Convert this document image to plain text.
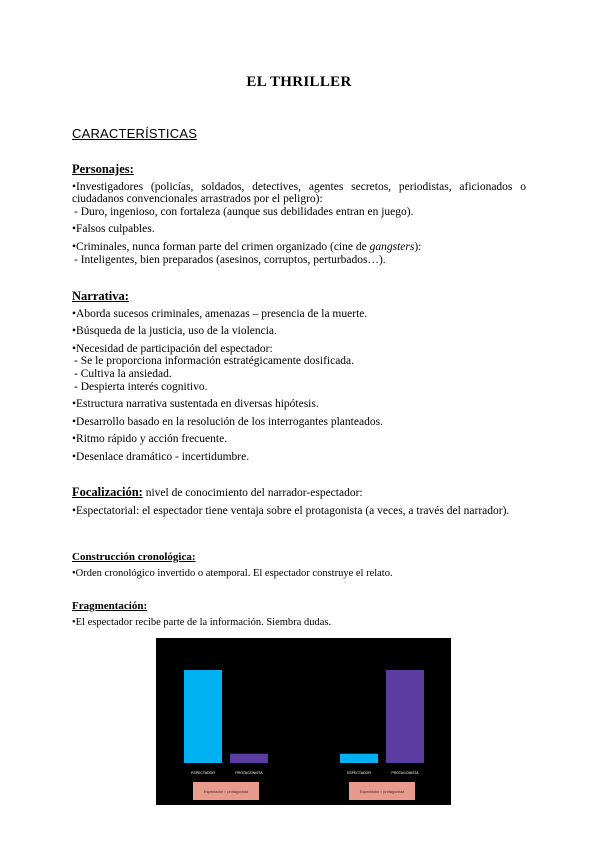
EL THRILLER
CARACTERÍSTICAS
Personajes:

•Investigadores (policías, soldados, detectives, agentes secretos, periodistas, aficionados o ciudadanos convencionales arrastrados por el peligro):

- Duro, ingenioso, con fortaleza (aunque sus debilidades entran en juego).

•Falsos culpables.

•Criminales, nunca forman parte del crimen organizado (cine de gangsters):

- Inteligentes, bien preparados (asesinos, corruptos, perturbados…).

Narrativa:

•Aborda sucesos criminales, amenazas – presencia de la muerte.

•Búsqueda de la justicia, uso de la violencia.

•Necesidad de participación del espectador:

- Se le proporciona información estratégicamente dosificada.

- Cultiva la ansiedad.

- Despierta interés cognitivo.

•Estructura narrativa sustentada en diversas hipótesis.

•Desarrollo basado en la resolución de los interrogantes planteados.

•Ritmo rápido y acción frecuente.

•Desenlace dramático - incertidumbre.

Focalización: nivel de conocimiento del narrador-espectador:

•Espectatorial: el espectador tiene ventaja sobre el protagonista (a veces, a través del narrador).

Construcción cronológica:

•Orden cronológico invertido o atemporal. El espectador construye el relato.

Fragmentación:

•El espectador recibe parte de la información. Siembra dudas.

ESPECTADOR	PROTAGONISTA
Espectador > protagonista
ESPECTADOR	PROTAGONISTA
Espectador < protagonista
